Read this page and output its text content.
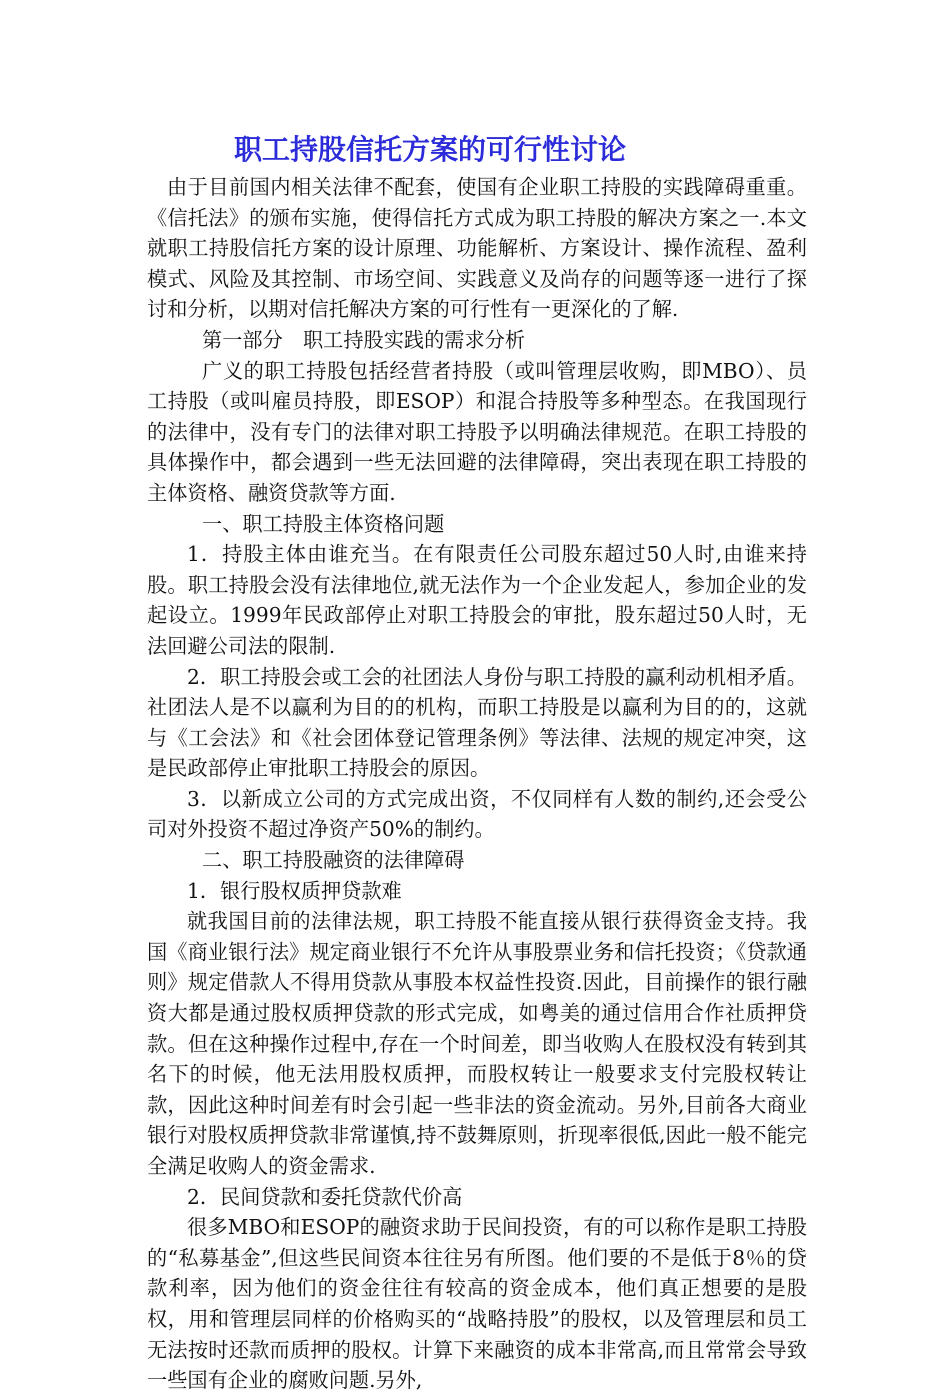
职工持股信托方案的可行性讨论

由于目前国内相关法律不配套，使国有企业职工持股的实践障碍重重。《信托法》的颁布实施，使得信托方式成为职工持股的解决方案之一.本文就职工持股信托方案的设计原理、功能解析、方案设计、操作流程、盈利模式、风险及其控制、市场空间、实践意义及尚存的问题等逐一进行了探讨和分析，以期对信托解决方案的可行性有一更深化的了解.

第一部分　职工持股实践的需求分析

广义的职工持股包括经营者持股（或叫管理层收购，即MBO）、员工持股（或叫雇员持股，即ESOP）和混合持股等多种型态。在我国现行的法律中，没有专门的法律对职工持股予以明确法律规范。在职工持股的具体操作中，都会遇到一些无法回避的法律障碍，突出表现在职工持股的主体资格、融资贷款等方面.

一、职工持股主体资格问题

1．持股主体由谁充当。在有限责任公司股东超过50人时,由谁来持股。职工持股会没有法律地位,就无法作为一个企业发起人，参加企业的发起设立。1999年民政部停止对职工持股会的审批，股东超过50人时，无法回避公司法的限制.

2．职工持股会或工会的社团法人身份与职工持股的赢利动机相矛盾。社团法人是不以赢利为目的的机构，而职工持股是以赢利为目的的，这就与《工会法》和《社会团体登记管理条例》等法律、法规的规定冲突，这是民政部停止审批职工持股会的原因。

3．以新成立公司的方式完成出资，不仅同样有人数的制约,还会受公司对外投资不超过净资产50%的制约。

二、职工持股融资的法律障碍

1．银行股权质押贷款难

就我国目前的法律法规，职工持股不能直接从银行获得资金支持。我国《商业银行法》规定商业银行不允许从事股票业务和信托投资；《贷款通则》规定借款人不得用贷款从事股本权益性投资.因此，目前操作的银行融资大都是通过股权质押贷款的形式完成，如粤美的通过信用合作社质押贷款。但在这种操作过程中,存在一个时间差，即当收购人在股权没有转到其名下的时候，他无法用股权质押，而股权转让一般要求支付完股权转让款，因此这种时间差有时会引起一些非法的资金流动。另外,目前各大商业银行对股权质押贷款非常谨慎,持不鼓舞原则，折现率很低,因此一般不能完全满足收购人的资金需求.

2．民间贷款和委托贷款代价高

很多MBO和ESOP的融资求助于民间投资，有的可以称作是职工持股的“私募基金”,但这些民间资本往往另有所图。他们要的不是低于8％的贷款利率，因为他们的资金往往有较高的资金成本，他们真正想要的是股权，用和管理层同样的价格购买的“战略持股”的股权，以及管理层和员工无法按时还款而质押的股权。计算下来融资的成本非常高,而且常常会导致一些国有企业的腐败问题.另外,
